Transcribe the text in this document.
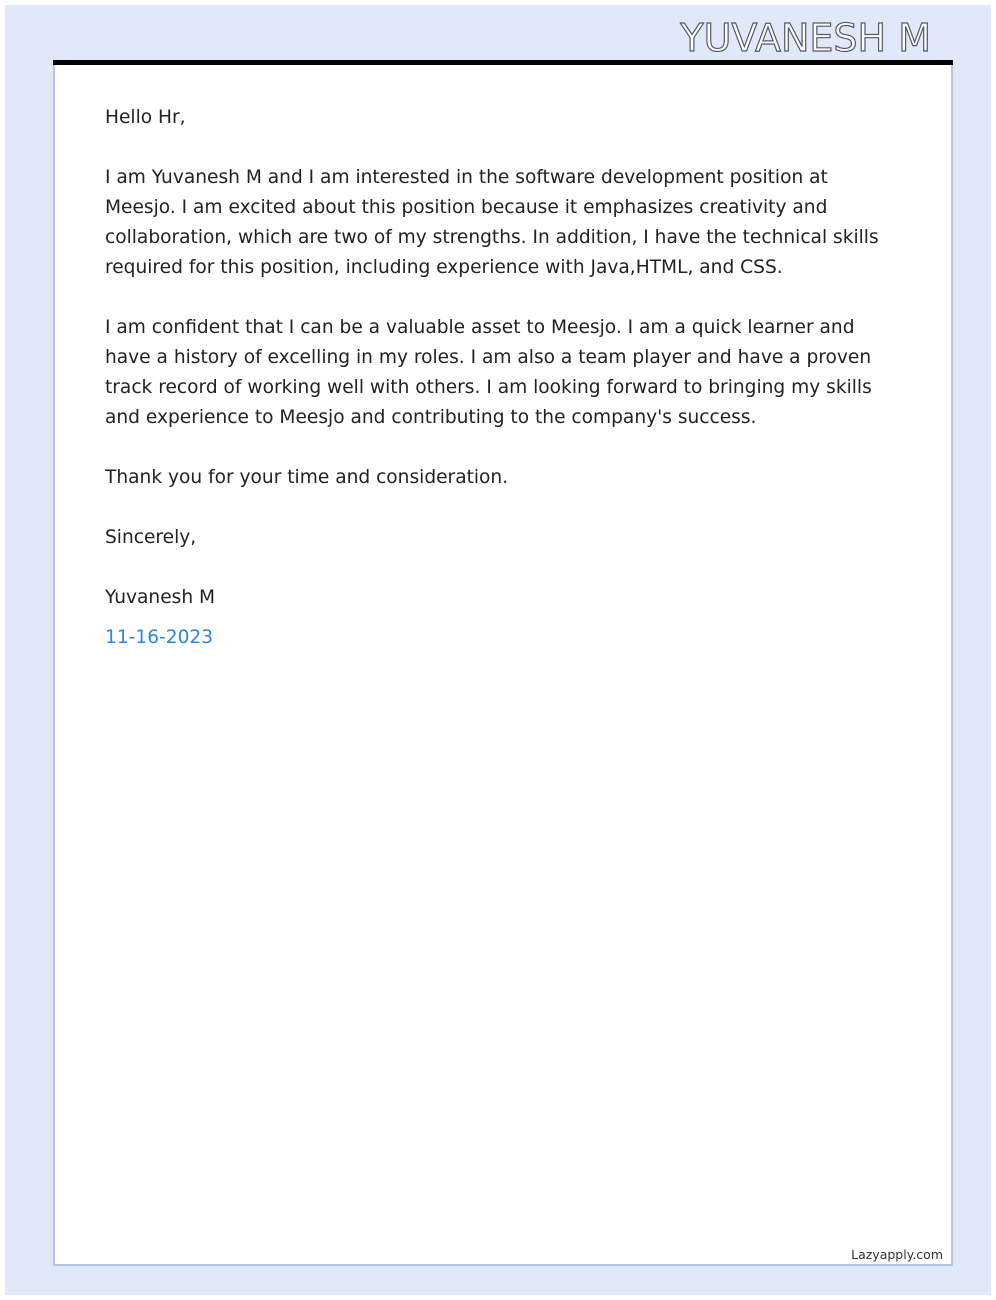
YUVANESH M

Hello Hr,

I am Yuvanesh M and I am interested in the software development position at Meesjo. I am excited about this position because it emphasizes creativity and collaboration, which are two of my strengths. In addition, I have the technical skills required for this position, including experience with Java,HTML, and CSS.

I am confident that I can be a valuable asset to Meesjo. I am a quick learner and have a history of excelling in my roles. I am also a team player and have a proven track record of working well with others. I am looking forward to bringing my skills and experience to Meesjo and contributing to the company's success.

Thank you for your time and consideration.

Sincerely,

Yuvanesh M

11-16-2023
Lazyapply.com
